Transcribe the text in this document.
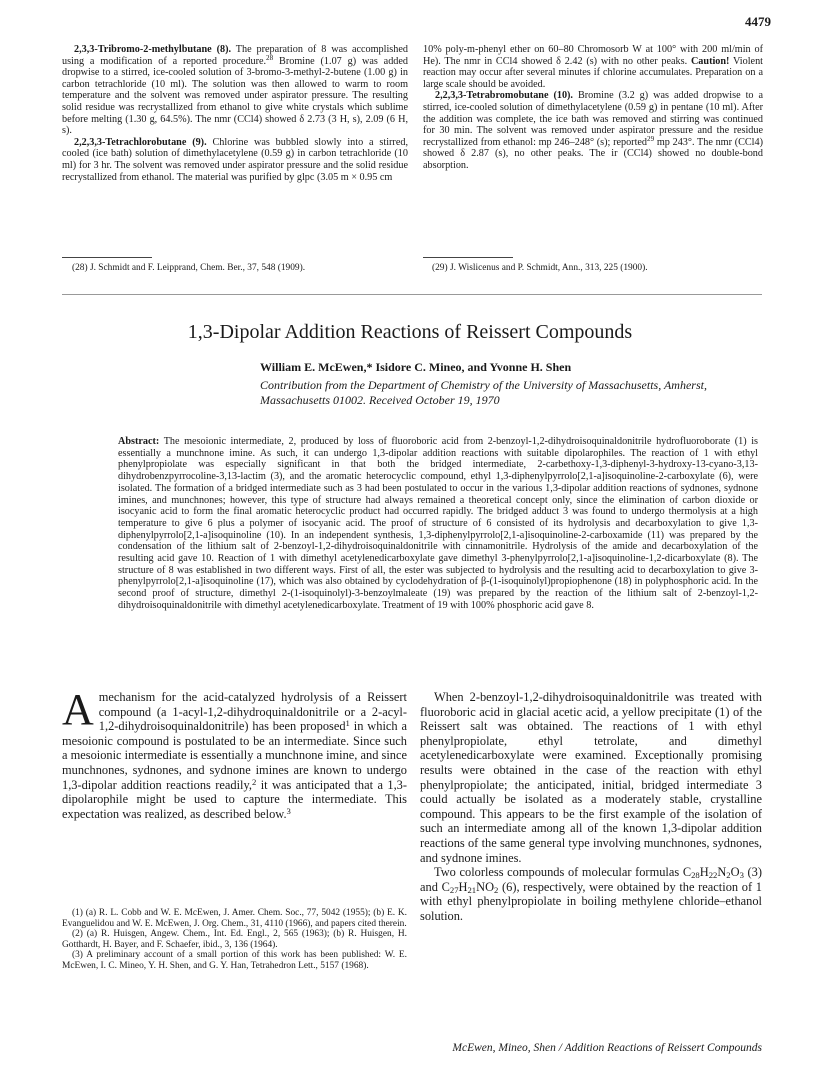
4479

2,3,3-Tribromo-2-methylbutane (8). The preparation of 8 was accomplished using a modification of a reported procedure.$^{28}$ Bromine (1.07 g) was added dropwise to a stirred, ice-cooled solution of 3-bromo-3-methyl-2-butene (1.00 g) in carbon tetrachloride (10 ml). The solution was then allowed to warm to room temperature and the solvent was removed under aspirator pressure. The resulting solid residue was recrystallized from ethanol to give white crystals which sublime before melting (1.30 g, 64.5%). The nmr (CCl4) showed δ 2.73 (3 H, s), 2.09 (6 H, s).

2,2,3,3-Tetrachlorobutane (9). Chlorine was bubbled slowly into a stirred, cooled (ice bath) solution of dimethylacetylene (0.59 g) in carbon tetrachloride (10 ml) for 3 hr. The solvent was removed under aspirator pressure and the solid residue recrystallized from ethanol. The material was purified by glpc (3.05 m × 0.95 cm

10% poly-m-phenyl ether on 60–80 Chromosorb W at 100° with 200 ml/min of He). The nmr in CCl4 showed δ 2.42 (s) with no other peaks. Caution! Violent reaction may occur after several minutes if chlorine accumulates. Preparation on a large scale should be avoided.

2,2,3,3-Tetrabromobutane (10). Bromine (3.2 g) was added dropwise to a stirred, ice-cooled solution of dimethylacetylene (0.59 g) in pentane (10 ml). After the addition was complete, the ice bath was removed and stirring was continued for 30 min. The solvent was removed under aspirator pressure and the residue recrystallized from ethanol: mp 246–248° (s); reported$^{29}$ mp 243°. The nmr (CCl4) showed δ 2.87 (s), no other peaks. The ir (CCl4) showed no double-bond absorption.

(28) J. Schmidt and F. Leipprand, Chem. Ber., 37, 548 (1909).	(29) J. Wislicenus and P. Schmidt, Ann., 313, 225 (1900).
1,3-Dipolar Addition Reactions of Reissert Compounds
William E. McEwen,* Isidore C. Mineo, and Yvonne H. Shen
Contribution from the Department of Chemistry of the University of Massachusetts, Amherst, Massachusetts 01002. Received October 19, 1970
Abstract: The mesoionic intermediate, 2, produced by loss of fluoroboric acid from 2-benzoyl-1,2-dihydroisoquinaldonitrile hydrofluoroborate (1) is essentially a munchnone imine. As such, it can undergo 1,3-dipolar addition reactions with suitable dipolarophiles. The reaction of 1 with ethyl phenylpropiolate was especially significant in that both the bridged intermediate, 2-carbethoxy-1,3-diphenyl-3-hydroxy-13-cyano-3,13-dihydrobenzpyrrocoline-3,13-lactim (3), and the aromatic heterocyclic compound, ethyl 1,3-diphenylpyrrolo[2,1-a]isoquinoline-2-carboxylate (6), were isolated. The formation of a bridged intermediate such as 3 had been postulated to occur in the various 1,3-dipolar addition reactions of sydnones, sydnone imines, and munchnones; however, this type of structure had always remained a theoretical concept only, since the elimination of carbon dioxide or isocyanic acid to form the final aromatic heterocyclic product had occurred rapidly. The bridged adduct 3 was found to undergo thermolysis at a high temperature to give 6 plus a polymer of isocyanic acid. The proof of structure of 6 consisted of its hydrolysis and decarboxylation to give 1,3-diphenylpyrrolo[2,1-a]isoquinoline (10). In an independent synthesis, 1,3-diphenylpyrrolo[2,1-a]isoquinoline-2-carboxamide (11) was prepared by the condensation of the lithium salt of 2-benzoyl-1,2-dihydroisoquinaldonitrile with cinnamonitrile. Hydrolysis of the amide and decarboxylation of the resulting acid gave 10. Reaction of 1 with dimethyl acetylenedicarboxylate gave dimethyl 3-phenylpyrrolo[2,1-a]isoquinoline-1,2-dicarboxylate (8). The structure of 8 was established in two different ways. First of all, the ester was subjected to hydrolysis and the resulting acid to decarboxylation to give 3-phenylpyrrolo[2,1-a]isoquinoline (17), which was also obtained by cyclodehydration of β-(1-isoquinolyl)propiophenone (18) in polyphosphoric acid. In the second proof of structure, dimethyl 2-(1-isoquinolyl)-3-benzoylmaleate (19) was prepared by the reaction of the lithium salt of 2-benzoyl-1,2-dihydroisoquinaldonitrile with dimethyl acetylenedicarboxylate. Treatment of 19 with 100% phosphoric acid gave 8.

Amechanism for the acid-catalyzed hydrolysis of a Reissert compound (a 1-acyl-1,2-dihydroquinaldonitrile or a 2-acyl-1,2-dihydroisoquinaldonitrile) has been proposed$^1$ in which a mesoionic compound is postulated to be an intermediate. Since such a mesoionic intermediate is essentially a munchnone imine, and since munchnones, sydnones, and sydnone imines are known to undergo 1,3-dipolar addition reactions readily,$^2$ it was anticipated that a 1,3-dipolarophile might be used to capture the intermediate. This expectation was realized, as described below.$^3$

(1) (a) R. L. Cobb and W. E. McEwen, J. Amer. Chem. Soc., 77, 5042 (1955); (b) E. K. Evanguelidou and W. E. McEwen, J. Org. Chem., 31, 4110 (1966), and papers cited therein.

(2) (a) R. Huisgen, Angew. Chem., Int. Ed. Engl., 2, 565 (1963); (b) R. Huisgen, H. Gotthardt, H. Bayer, and F. Schaefer, ibid., 3, 136 (1964).

(3) A preliminary account of a small portion of this work has been published: W. E. McEwen, I. C. Mineo, Y. H. Shen, and G. Y. Han, Tetrahedron Lett., 5157 (1968).

When 2-benzoyl-1,2-dihydroisoquinaldonitrile was treated with fluoroboric acid in glacial acetic acid, a yellow precipitate (1) of the Reissert salt was obtained. The reactions of 1 with ethyl phenylpropiolate, ethyl tetrolate, and dimethyl acetylenedicarboxylate were examined. Exceptionally promising results were obtained in the case of the reaction with ethyl phenylpropiolate; the anticipated, initial, bridged intermediate 3 could actually be isolated as a moderately stable, crystalline compound. This appears to be the first example of the isolation of such an intermediate among all of the known 1,3-dipolar addition reactions of the same general type involving munchnones, sydnones, and sydnone imines.

Two colorless compounds of molecular formulas $C_{28}H_{22}N_2O_3$ (3) and $C_{27}H_{21}NO_2$ (6), respectively, were obtained by the reaction of 1 with ethyl phenylpropiolate in boiling methylene chloride–ethanol solution.

McEwen, Mineo, Shen / Addition Reactions of Reissert Compounds
